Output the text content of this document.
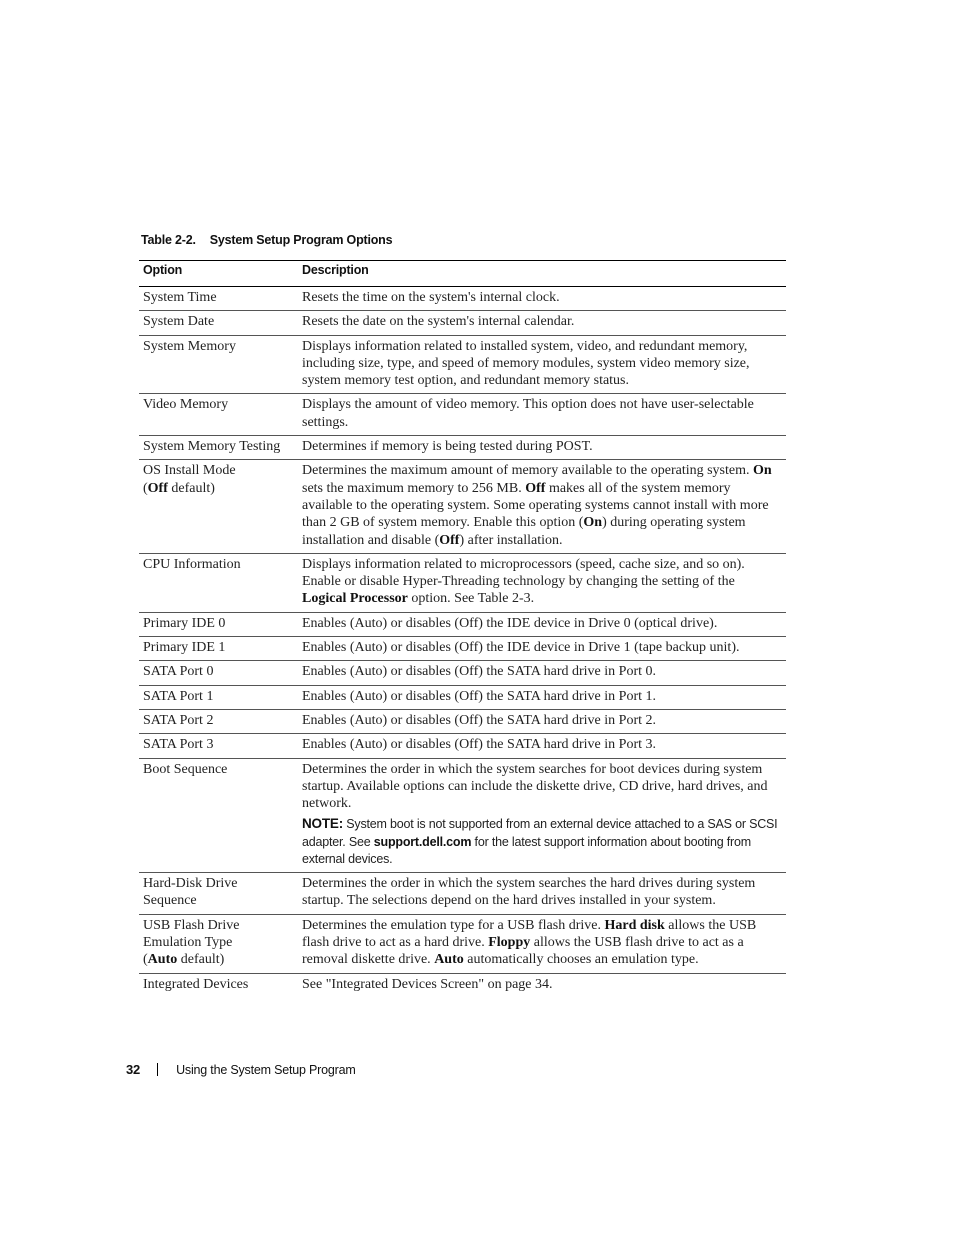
Table 2-2. System Setup Program Options
Option	Description
System Time	Resets the time on the system's internal clock.
System Date	Resets the date on the system's internal calendar.
System Memory	Displays information related to installed system, video, and redundant memory, including size, type, and speed of memory modules, system video memory size, system memory test option, and redundant memory status.
Video Memory	Displays the amount of video memory. This option does not have user-selectable settings.
System Memory Testing	Determines if memory is being tested during POST.
OS Install Mode
(Off default)	Determines the maximum amount of memory available to the operating system. On sets the maximum memory to 256 MB. Off makes all of the system memory available to the operating system. Some operating systems cannot install with more than 2 GB of system memory. Enable this option (On) during operating system installation and disable (Off) after installation.
CPU Information	Displays information related to microprocessors (speed, cache size, and so on). Enable or disable Hyper-Threading technology by changing the setting of the Logical Processor option. See Table 2-3.
Primary IDE 0	Enables (Auto) or disables (Off) the IDE device in Drive 0 (optical drive).
Primary IDE 1	Enables (Auto) or disables (Off) the IDE device in Drive 1 (tape backup unit).
SATA Port 0	Enables (Auto) or disables (Off) the SATA hard drive in Port 0.
SATA Port 1	Enables (Auto) or disables (Off) the SATA hard drive in Port 1.
SATA Port 2	Enables (Auto) or disables (Off) the SATA hard drive in Port 2.
SATA Port 3	Enables (Auto) or disables (Off) the SATA hard drive in Port 3.
Boot Sequence	Determines the order in which the system searches for boot devices during system startup. Available options can include the diskette drive, CD drive, hard drives, and network.
NOTE: System boot is not supported from an external device attached to a SAS or SCSI adapter. See support.dell.com for the latest support information about booting from external devices.

Hard-Disk Drive Sequence	Determines the order in which the system searches the hard drives during system startup. The selections depend on the hard drives installed in your system.
USB Flash Drive Emulation Type
(Auto default)	Determines the emulation type for a USB flash drive. Hard disk allows the USB flash drive to act as a hard drive. Floppy allows the USB flash drive to act as a removal diskette drive. Auto automatically chooses an emulation type.
Integrated Devices	See "Integrated Devices Screen" on page 34.
32	Using the System Setup Program
